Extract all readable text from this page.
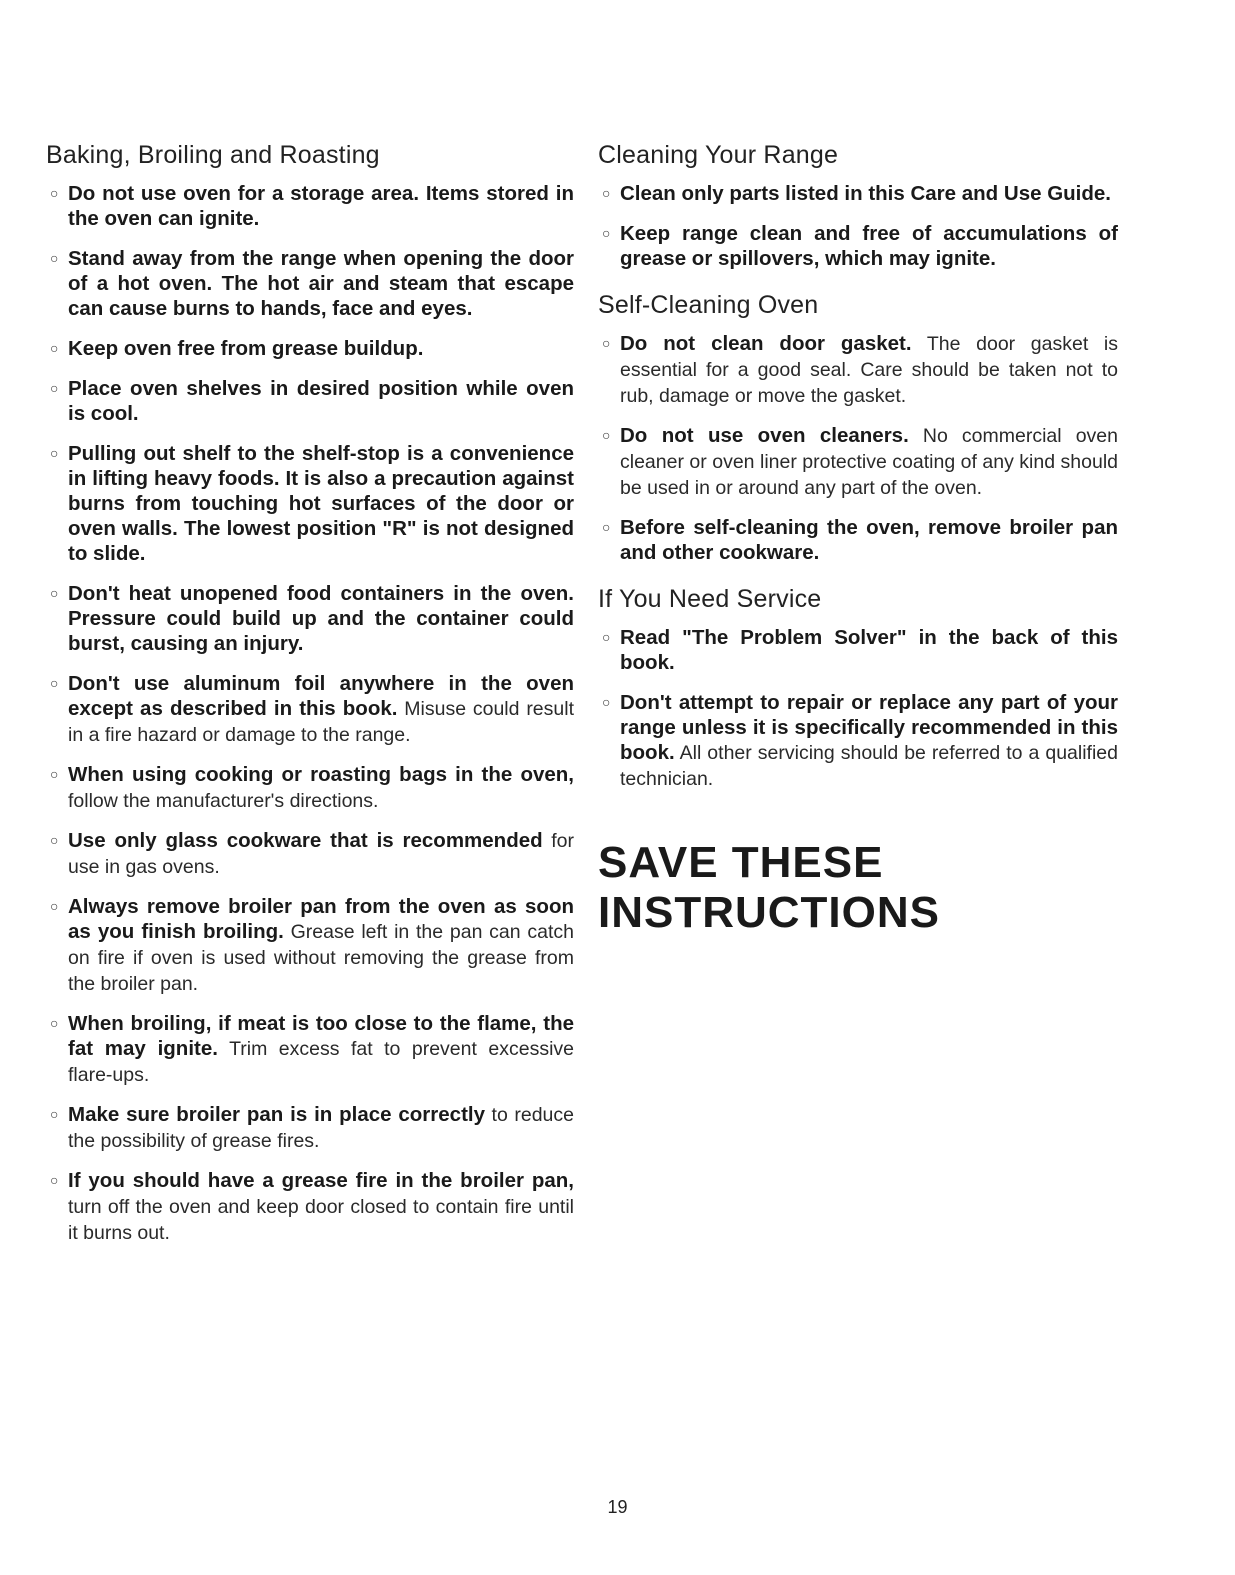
Baking, Broiling and Roasting
○ Do not use oven for a storage area. Items stored in the oven can ignite.
○ Stand away from the range when opening the door of a hot oven. The hot air and steam that escape can cause burns to hands, face and eyes.
○ Keep oven free from grease buildup.
○ Place oven shelves in desired position while oven is cool.
○ Pulling out shelf to the shelf-stop is a convenience in lifting heavy foods. It is also a precaution against burns from touching hot surfaces of the door or oven walls. The lowest position "R" is not designed to slide.
○ Don't heat unopened food containers in the oven. Pressure could build up and the container could burst, causing an injury.
○ Don't use aluminum foil anywhere in the oven except as described in this book. Misuse could result in a fire hazard or damage to the range.
○ When using cooking or roasting bags in the oven, follow the manufacturer's directions.
○ Use only glass cookware that is recommended for use in gas ovens.
○ Always remove broiler pan from the oven as soon as you finish broiling. Grease left in the pan can catch on fire if oven is used without removing the grease from the broiler pan.
○ When broiling, if meat is too close to the flame, the fat may ignite. Trim excess fat to prevent excessive flare-ups.
○ Make sure broiler pan is in place correctly to reduce the possibility of grease fires.
○ If you should have a grease fire in the broiler pan, turn off the oven and keep door closed to contain fire until it burns out.
Cleaning Your Range
○ Clean only parts listed in this Care and Use Guide.
○ Keep range clean and free of accumulations of grease or spillovers, which may ignite.
Self-Cleaning Oven
○ Do not clean door gasket. The door gasket is essential for a good seal. Care should be taken not to rub, damage or move the gasket.
○ Do not use oven cleaners. No commercial oven cleaner or oven liner protective coating of any kind should be used in or around any part of the oven.
○ Before self-cleaning the oven, remove broiler pan and other cookware.
If You Need Service
○ Read "The Problem Solver" in the back of this book.
○ Don't attempt to repair or replace any part of your range unless it is specifically recommended in this book. All other servicing should be referred to a qualified technician.
SAVE THESE
INSTRUCTIONS
19
